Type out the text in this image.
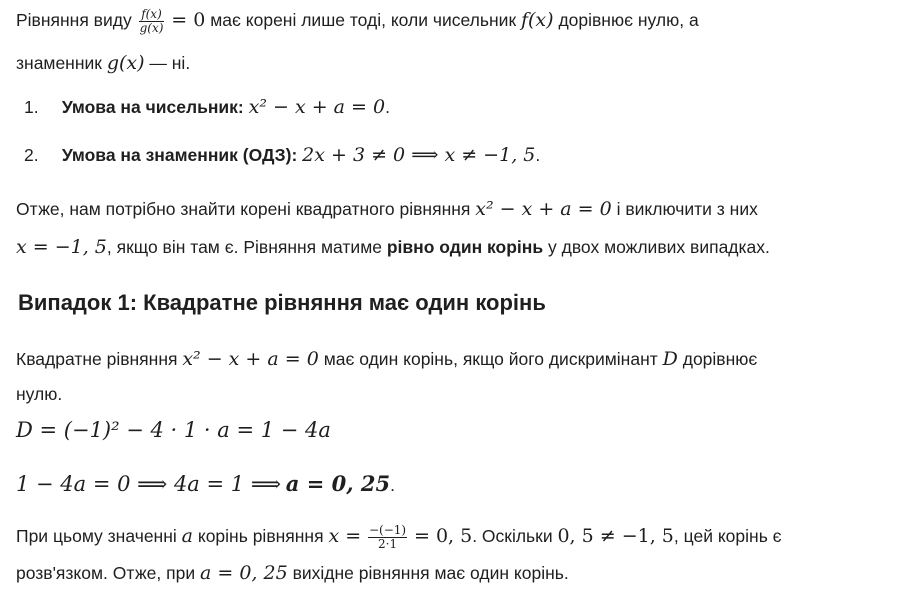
Рівняння виду $\frac{f(x)}{g(x)} = 0$ має корені лише тоді, коли чисельник f(x) дорівнює нулю, а
знаменник g(x) — ні.
1. Умова на чисельник: x² − x + a = 0.
2. Умова на знаменник (ОДЗ): 2x + 3 ≠ 0 ⟹ x ≠ −1, 5.
Отже, нам потрібно знайти корені квадратного рівняння x² − x + a = 0 і виключити з них
x = −1, 5, якщо він там є. Рівняння матиме рівно один корінь у двох можливих випадках.
Випадок 1: Квадратне рівняння має один корінь
Квадратне рівняння x² − x + a = 0 має один корінь, якщо його дискримінант D дорівнює
нулю.
D = (−1)² − 4 · 1 · a = 1 − 4a
1 − 4a = 0 ⟹ 4a = 1 ⟹ a = 0, 25.
При цьому значенні a корінь рівняння $x = \frac{-(-1)}{2\cdot 1} = 0$, 5. Оскільки 0, 5 ≠ −1, 5, цей корінь є
розв'язком. Отже, при a = 0, 25 вихідне рівняння має один корінь.
